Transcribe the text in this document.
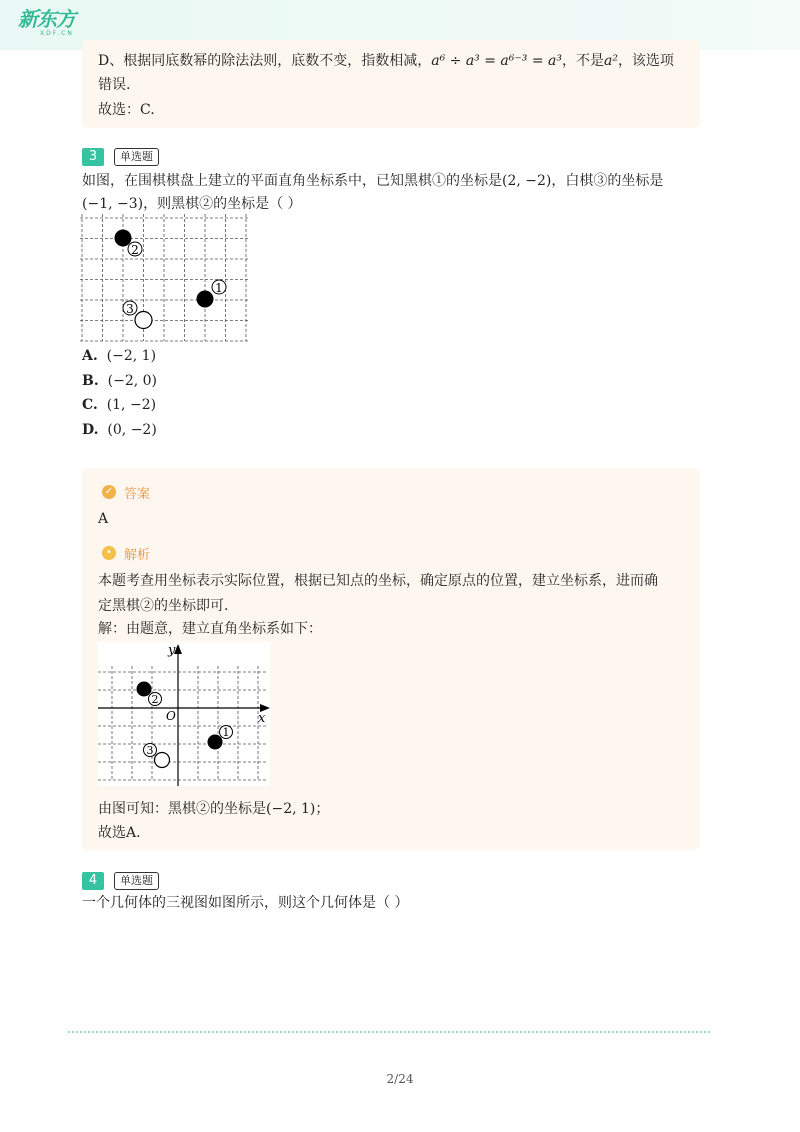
新东方
XDF.CN
D、根据同底数幂的除法法则，底数不变，指数相减，a⁶ ÷ a³ = a⁶⁻³ = a³，不是a²，该选项
错误.
故选：C.
3	单选题
如图，在围棋棋盘上建立的平面直角坐标系中，已知黑棋①的坐标是(2, −2)，白棋③的坐标是
(−1, −3)，则黑棋②的坐标是（ ）
2
1
3
A. (−2, 1)
B. (−2, 0)
C. (1, −2)
D. (0, −2)
✓ 答案
A
• 解析
本题考查用坐标表示实际位置，根据已知点的坐标，确定原点的位置，建立坐标系，进而确
定黑棋②的坐标即可.
解：由题意，建立直角坐标系如下：
y
x
O
2
1
3
由图可知：黑棋②的坐标是(−2, 1)；
故选A.
4	单选题
一个几何体的三视图如图所示，则这个几何体是（ ）
2/24
